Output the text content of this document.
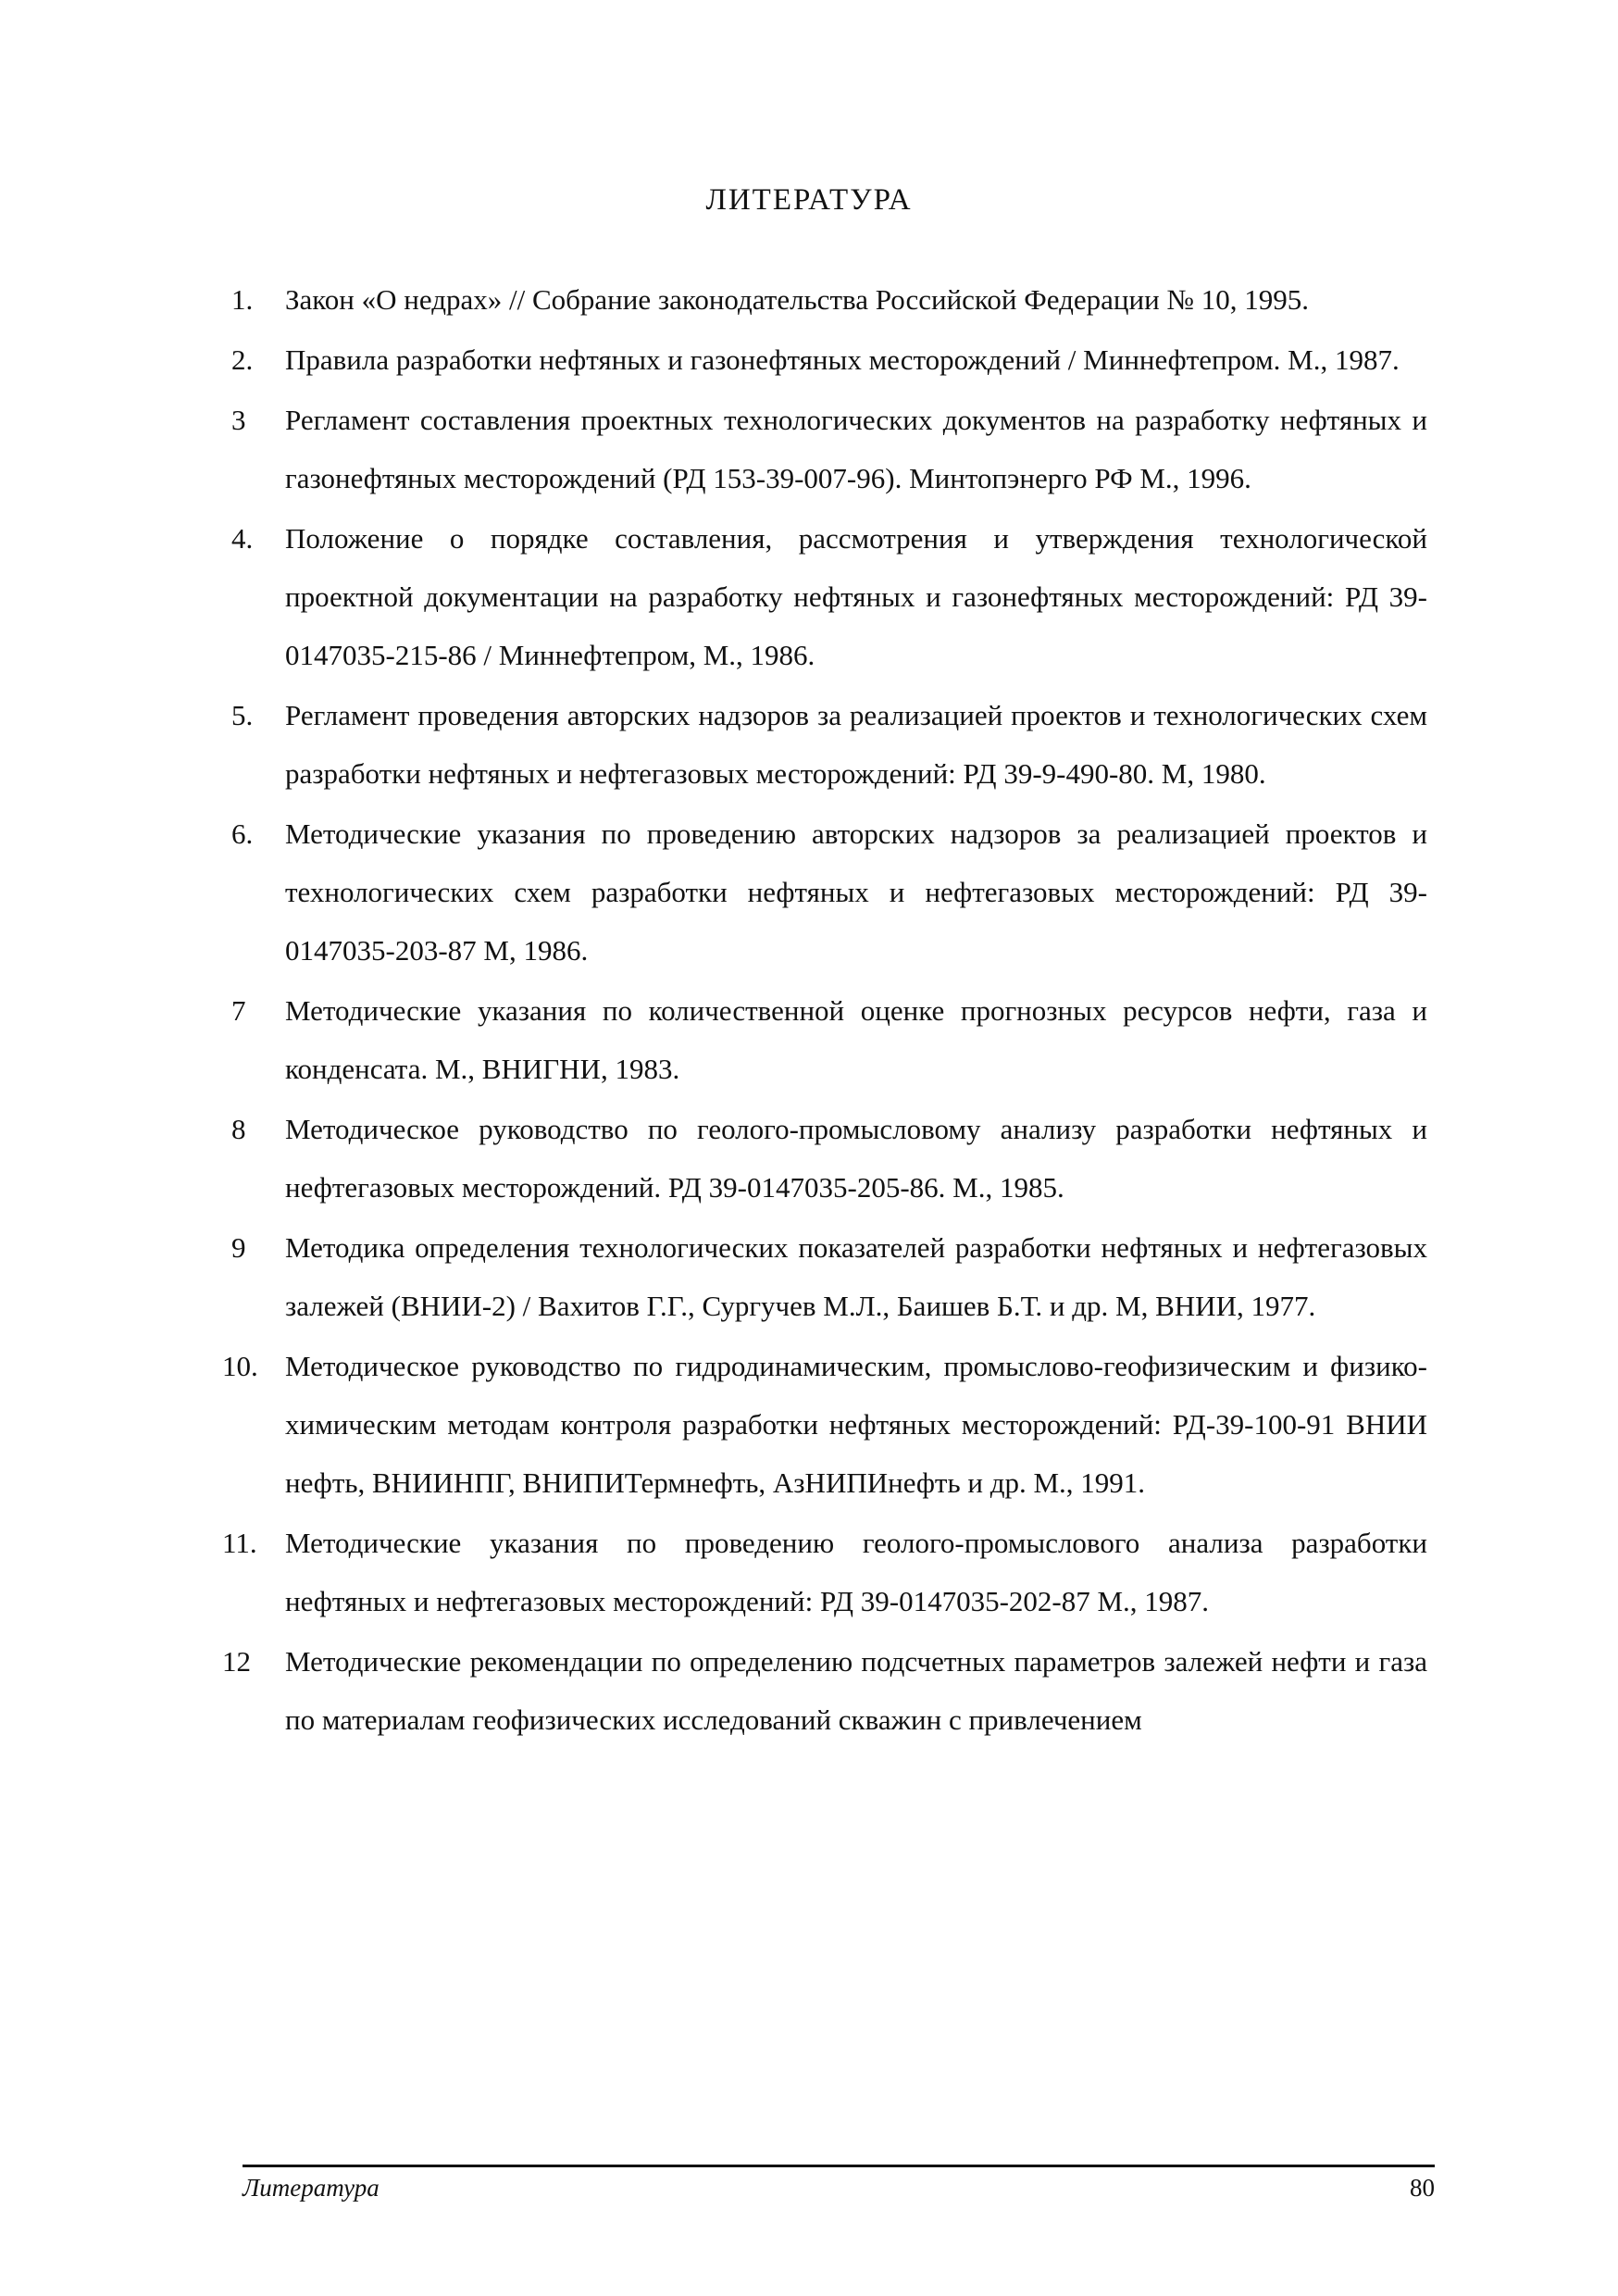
ЛИТЕРАТУРА
1.	Закон «О недрах» // Собрание законодательства Российской Федерации № 10, 1995.
2.	Правила разработки нефтяных и газонефтяных месторождений / Миннефтепром. М., 1987.
3	Регламент составления проектных технологических документов на разработку нефтяных и газонефтяных месторождений (РД 153-39-007-96). Минтопэнерго РФ М., 1996.
4.	Положение о порядке составления, рассмотрения и утверждения технологической проектной документации на разработку нефтяных и газонефтяных месторождений: РД 39-0147035-215-86 / Миннефтепром, М., 1986.
5.	Регламент проведения авторских надзоров за реализацией проектов и технологических схем разработки нефтяных и нефтегазовых месторождений: РД 39-9-490-80. М, 1980.
6.	Методические указания по проведению авторских надзоров за реализацией проектов и технологических схем разработки нефтяных и нефтегазовых месторождений: РД 39-0147035-203-87 М, 1986.
7	Методические указания по количественной оценке прогнозных ресурсов нефти, газа и конденсата. М., ВНИГНИ, 1983.
8	Методическое руководство по геолого-промысловому анализу разработки нефтяных и нефтегазовых месторождений. РД 39-0147035-205-86. М., 1985.
9	Методика определения технологических показателей разработки нефтяных и нефтегазовых залежей (ВНИИ-2) / Вахитов Г.Г., Сургучев М.Л., Баишев Б.Т. и др. М, ВНИИ, 1977.
10. Методическое руководство по гидродинамическим, промыслово-геофизическим и физико-химическим методам контроля разработки нефтяных месторождений: РД-39-100-91 ВНИИ нефть, ВНИИНПГ, ВНИПИТермнефть, АзНИПИнефть и др. М., 1991.
11. Методические указания по проведению геолого-промыслового анализа разработки нефтяных и нефтегазовых месторождений: РД 39-0147035-202-87 М., 1987.
12	Методические рекомендации по определению подсчетных параметров залежей нефти и газа по материалам геофизических исследований скважин с привлечением
Литература	80
